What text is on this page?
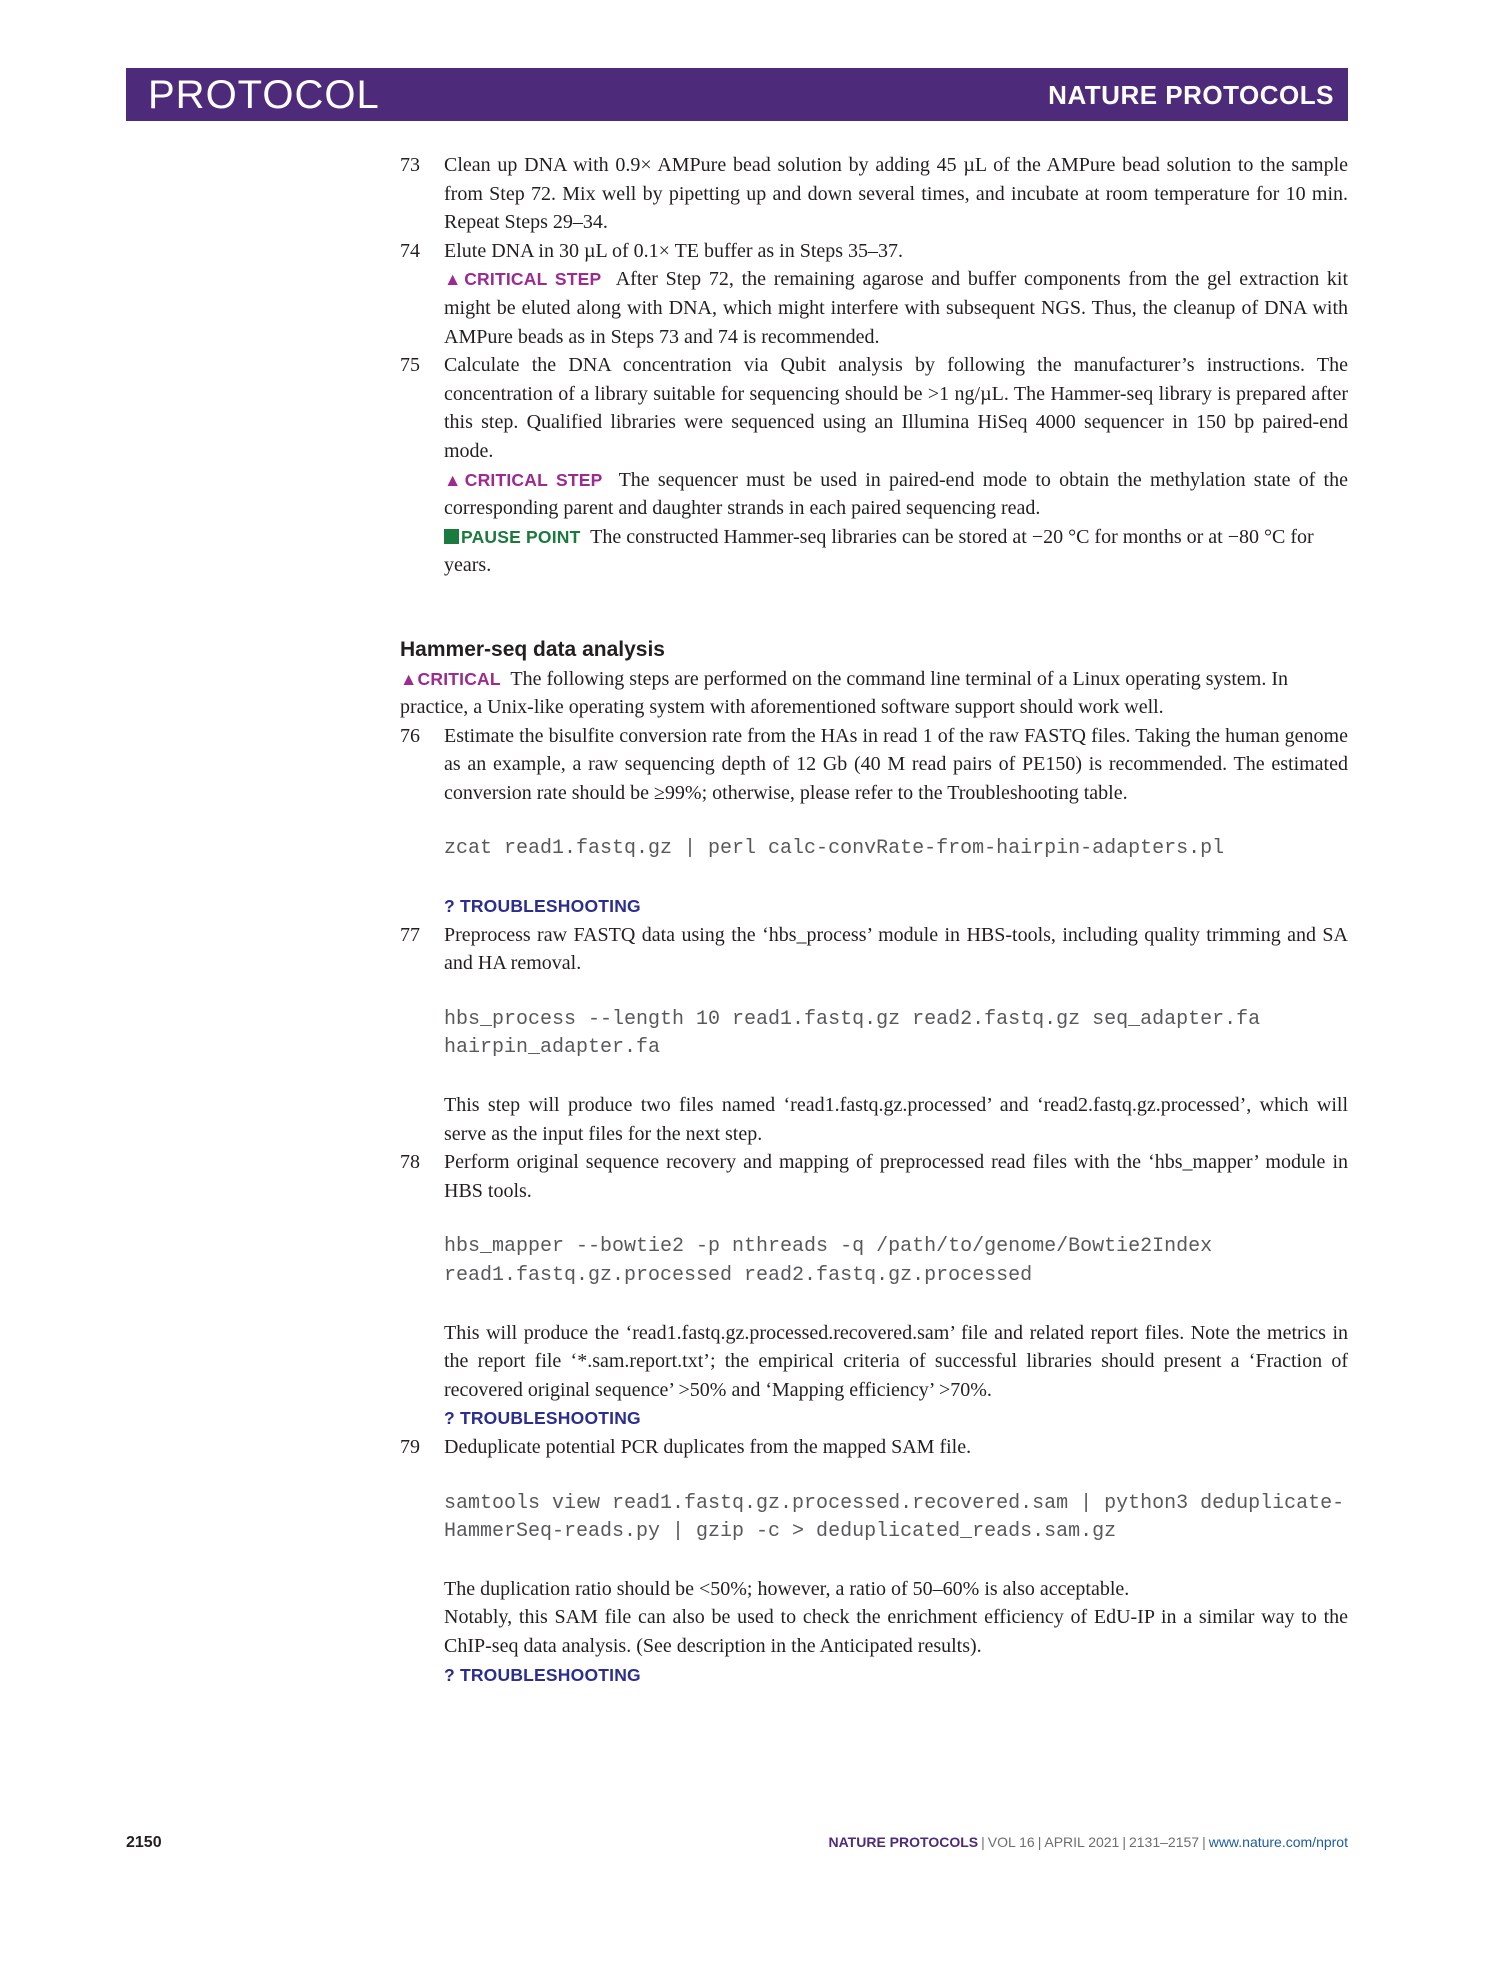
PROTOCOL	NATURE PROTOCOLS
73 Clean up DNA with 0.9× AMPure bead solution by adding 45 µL of the AMPure bead solution to the sample from Step 72. Mix well by pipetting up and down several times, and incubate at room temperature for 10 min. Repeat Steps 29–34.

74 Elute DNA in 30 µL of 0.1× TE buffer as in Steps 35–37.

▲CRITICAL STEP After Step 72, the remaining agarose and buffer components from the gel extraction kit might be eluted along with DNA, which might interfere with subsequent NGS. Thus, the cleanup of DNA with AMPure beads as in Steps 73 and 74 is recommended.

75 Calculate the DNA concentration via Qubit analysis by following the manufacturer’s instructions. The concentration of a library suitable for sequencing should be >1 ng/µL. The Hammer-seq library is prepared after this step. Qualified libraries were sequenced using an Illumina HiSeq 4000 sequencer in 150 bp paired-end mode.

▲CRITICAL STEP The sequencer must be used in paired-end mode to obtain the methylation state of the corresponding parent and daughter strands in each paired sequencing read.

PAUSE POINT The constructed Hammer-seq libraries can be stored at −20 °C for months or at −80 °C for years.

Hammer-seq data analysis

▲CRITICAL The following steps are performed on the command line terminal of a Linux operating system. In practice, a Unix-like operating system with aforementioned software support should work well.

76 Estimate the bisulfite conversion rate from the HAs in read 1 of the raw FASTQ files. Taking the human genome as an example, a raw sequencing depth of 12 Gb (40 M read pairs of PE150) is recommended. The estimated conversion rate should be ≥99%; otherwise, please refer to the Troubleshooting table.

zcat read1.fastq.gz | perl calc-convRate-from-hairpin-adapters.pl

? TROUBLESHOOTING

77 Preprocess raw FASTQ data using the ‘hbs_process’ module in HBS-tools, including quality trimming and SA and HA removal.

hbs_process --length 10 read1.fastq.gz read2.fastq.gz seq_adapter.fa hairpin_adapter.fa

This step will produce two files named ‘read1.fastq.gz.processed’ and ‘read2.fastq.gz.processed’, which will serve as the input files for the next step.

78 Perform original sequence recovery and mapping of preprocessed read files with the ‘hbs_mapper’ module in HBS tools.

hbs_mapper --bowtie2 -p nthreads -q /path/to/genome/Bowtie2Index read1.fastq.gz.processed read2.fastq.gz.processed

This will produce the ‘read1.fastq.gz.processed.recovered.sam’ file and related report files. Note the metrics in the report file ‘*.sam.report.txt’; the empirical criteria of successful libraries should present a ‘Fraction of recovered original sequence’ >50% and ‘Mapping efficiency’ >70%.

? TROUBLESHOOTING

79 Deduplicate potential PCR duplicates from the mapped SAM file.

samtools view read1.fastq.gz.processed.recovered.sam | python3 deduplicate-HammerSeq-reads.py | gzip -c > deduplicated_reads.sam.gz

The duplication ratio should be <50%; however, a ratio of 50–60% is also acceptable.

Notably, this SAM file can also be used to check the enrichment efficiency of EdU-IP in a similar way to the ChIP-seq data analysis. (See description in the Anticipated results).

? TROUBLESHOOTING

2150	NATURE PROTOCOLS | VOL 16 | APRIL 2021 | 2131–2157 | www.nature.com/nprot
